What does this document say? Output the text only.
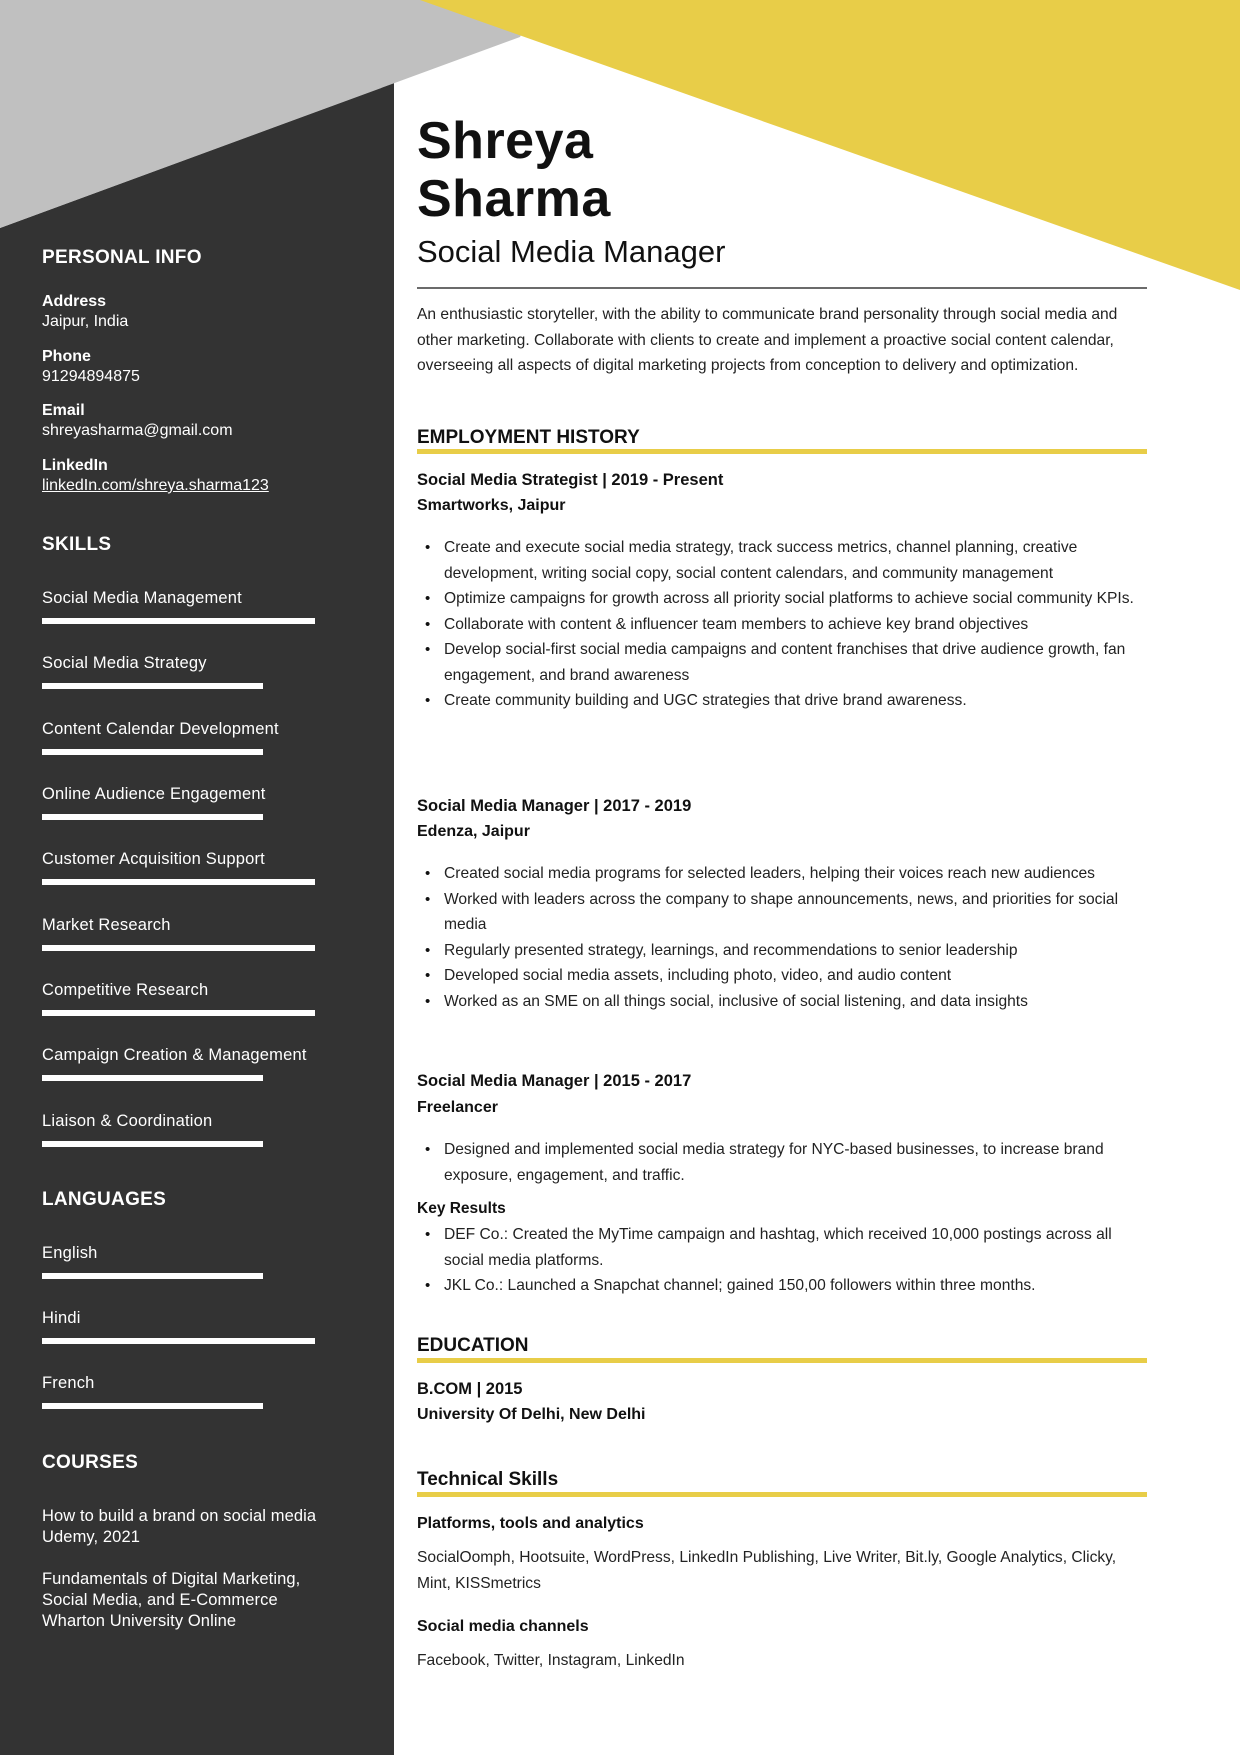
PERSONAL INFO
Address
Jaipur, India
Phone
91294894875
Email
shreyasharma@gmail.com
LinkedIn
linkedIn.com/shreya.sharma123
SKILLS
Social Media Management
Social Media Strategy
Content Calendar Development
Online Audience Engagement
Customer Acquisition Support
Market Research
Competitive Research
Campaign Creation & Management
Liaison & Coordination
LANGUAGES
English
Hindi
French
COURSES
How to build a brand on social media
Udemy, 2021
Fundamentals of Digital Marketing,
Social Media, and E-Commerce
Wharton University Online
Shreya
Sharma
Social Media Manager
An enthusiastic storyteller, with the ability to communicate brand personality through social media and other marketing. Collaborate with clients to create and implement a proactive social content calendar, overseeing all aspects of digital marketing projects from conception to delivery and optimization.
EMPLOYMENT HISTORY
Social Media Strategist | 2019 - Present
Smartworks, Jaipur
• Create and execute social media strategy, track success metrics, channel planning, creative development, writing social copy, social content calendars, and community management
• Optimize campaigns for growth across all priority social platforms to achieve social community KPIs.
• Collaborate with content & influencer team members to achieve key brand objectives
• Develop social-first social media campaigns and content franchises that drive audience growth, fan engagement, and brand awareness
• Create community building and UGC strategies that drive brand awareness.
Social Media Manager | 2017 - 2019
Edenza, Jaipur
• Created social media programs for selected leaders, helping their voices reach new audiences
• Worked with leaders across the company to shape announcements, news, and priorities for social media
• Regularly presented strategy, learnings, and recommendations to senior leadership
• Developed social media assets, including photo, video, and audio content
• Worked as an SME on all things social, inclusive of social listening, and data insights
Social Media Manager | 2015 - 2017
Freelancer
• Designed and implemented social media strategy for NYC-based businesses, to increase brand exposure, engagement, and traffic.
Key Results
• DEF Co.: Created the MyTime campaign and hashtag, which received 10,000 postings across all social media platforms.
• JKL Co.: Launched a Snapchat channel; gained 150,00 followers within three months.
EDUCATION
B.COM | 2015
University Of Delhi, New Delhi
Technical Skills
Platforms, tools and analytics
SocialOomph, Hootsuite, WordPress, LinkedIn Publishing, Live Writer, Bit.ly, Google Analytics, Clicky, Mint, KISSmetrics
Social media channels
Facebook, Twitter, Instagram, LinkedIn
